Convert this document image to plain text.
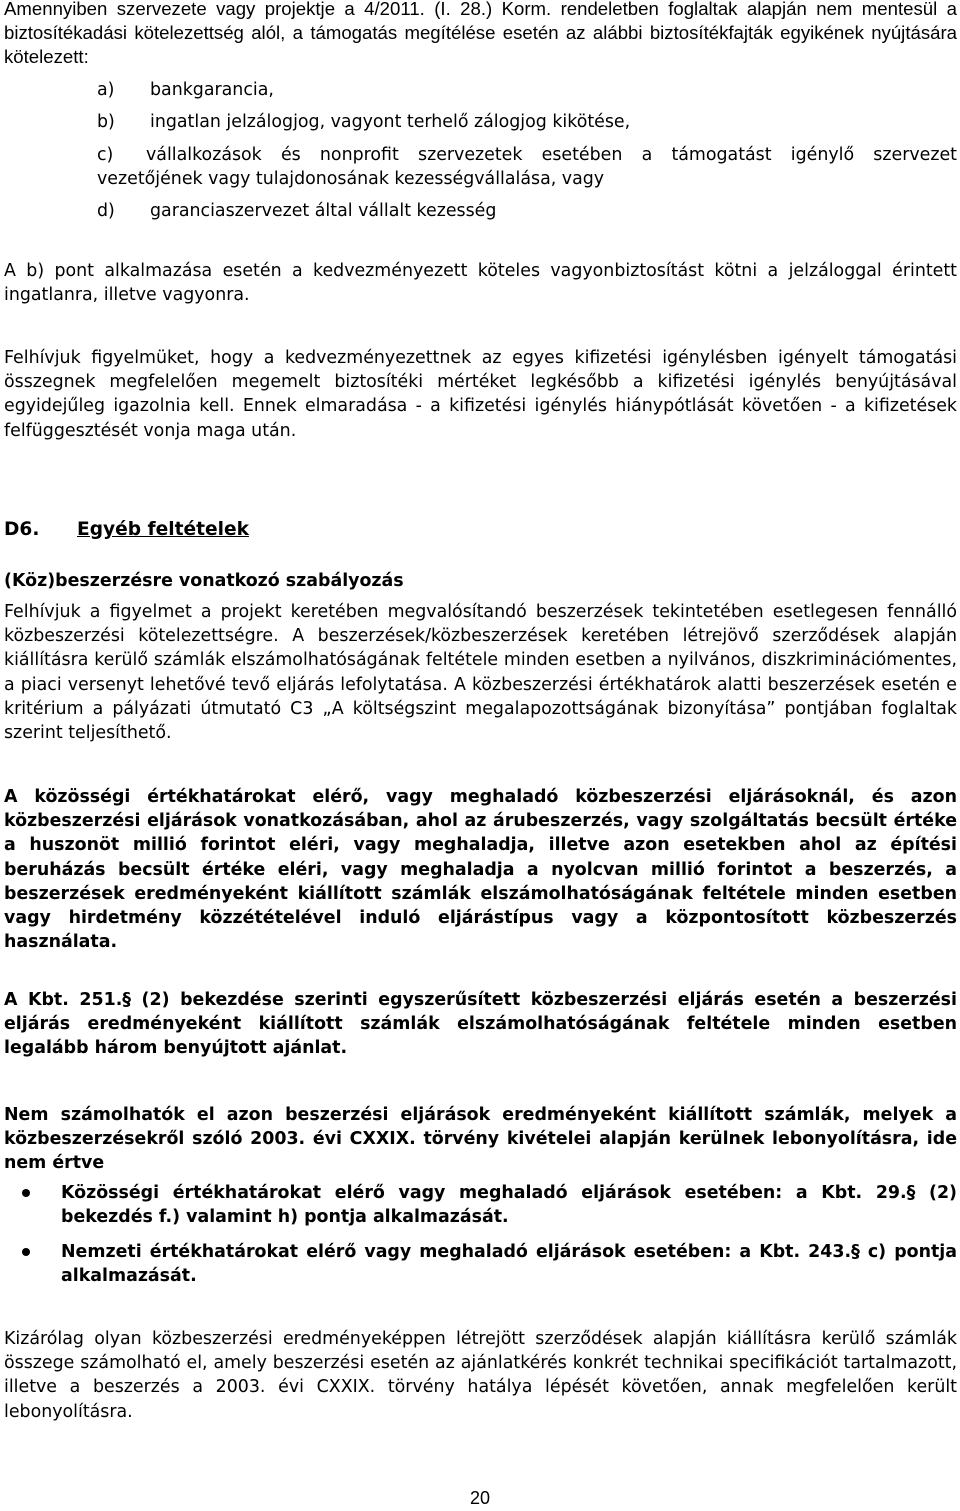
Amennyiben szervezete vagy projektje a 4/2011. (I. 28.) Korm. rendeletben foglaltak alapján nem mentesül a biztosítékadási kötelezettség alól, a támogatás megítélése esetén az alábbi biztosítékfajták egyikének nyújtására kötelezett:

a)	bankgarancia,
b)	ingatlan jelzálogjog, vagyont terhelő zálogjog kikötése,

c) vállalkozások és nonprofit szervezetek esetében a támogatást igénylő szervezet vezetőjének vagy tulajdonosának kezességvállalása, vagy

d)	garanciaszervezet által vállalt kezesség

A b) pont alkalmazása esetén a kedvezményezett köteles vagyonbiztosítást kötni a jelzáloggal érintett ingatlanra, illetve vagyonra.

Felhívjuk figyelmüket, hogy a kedvezményezettnek az egyes kifizetési igénylésben igényelt támogatási összegnek megfelelően megemelt biztosítéki mértéket legkésőbb a kifizetési igénylés benyújtásával egyidejűleg igazolnia kell. Ennek elmaradása - a kifizetési igénylés hiánypótlását követően - a kifizetések felfüggesztését vonja maga után.

D6. Egyéb feltételek
(Köz)beszerzésre vonatkozó szabályozás

Felhívjuk a figyelmet a projekt keretében megvalósítandó beszerzések tekintetében esetlegesen fennálló közbeszerzési kötelezettségre. A beszerzések/közbeszerzések keretében létrejövő szerződések alapján kiállításra kerülő számlák elszámolhatóságának feltétele minden esetben a nyilvános, diszkriminációmentes, a piaci versenyt lehetővé tevő eljárás lefolytatása. A közbeszerzési értékhatárok alatti beszerzések esetén e kritérium a pályázati útmutató C3 „A költségszint megalapozottságának bizonyítása” pontjában foglaltak szerint teljesíthető.

A közösségi értékhatárokat elérő, vagy meghaladó közbeszerzési eljárásoknál, és azon közbeszerzési eljárások vonatkozásában, ahol az árubeszerzés, vagy szolgáltatás becsült értéke a huszonöt millió forintot eléri, vagy meghaladja, illetve azon esetekben ahol az építési beruházás becsült értéke eléri, vagy meghaladja a nyolcvan millió forintot a beszerzés, a beszerzések eredményeként kiállított számlák elszámolhatóságának feltétele minden esetben vagy hirdetmény közzétételével induló eljárástípus vagy a központosított közbeszerzés használata.

A Kbt. 251.§ (2) bekezdése szerinti egyszerűsített közbeszerzési eljárás esetén a beszerzési eljárás eredményeként kiállított számlák elszámolhatóságának feltétele minden esetben legalább három benyújtott ajánlat.

Nem számolhatók el azon beszerzési eljárások eredményeként kiállított számlák, melyek a közbeszerzésekről szóló 2003. évi CXXIX. törvény kivételei alapján kerülnek lebonyolításra, ide nem értve

Közösségi értékhatárokat elérő vagy meghaladó eljárások esetében: a Kbt. 29.§ (2) bekezdés f.) valamint h) pontja alkalmazását.

Nemzeti értékhatárokat elérő vagy meghaladó eljárások esetében: a Kbt. 243.§ c) pontja alkalmazását.

Kizárólag olyan közbeszerzési eredményeképpen létrejött szerződések alapján kiállításra kerülő számlák összege számolható el, amely beszerzési esetén az ajánlatkérés konkrét technikai specifikációt tartalmazott, illetve a beszerzés a 2003. évi CXXIX. törvény hatálya lépését követően, annak megfelelően került lebonyolításra.

20
